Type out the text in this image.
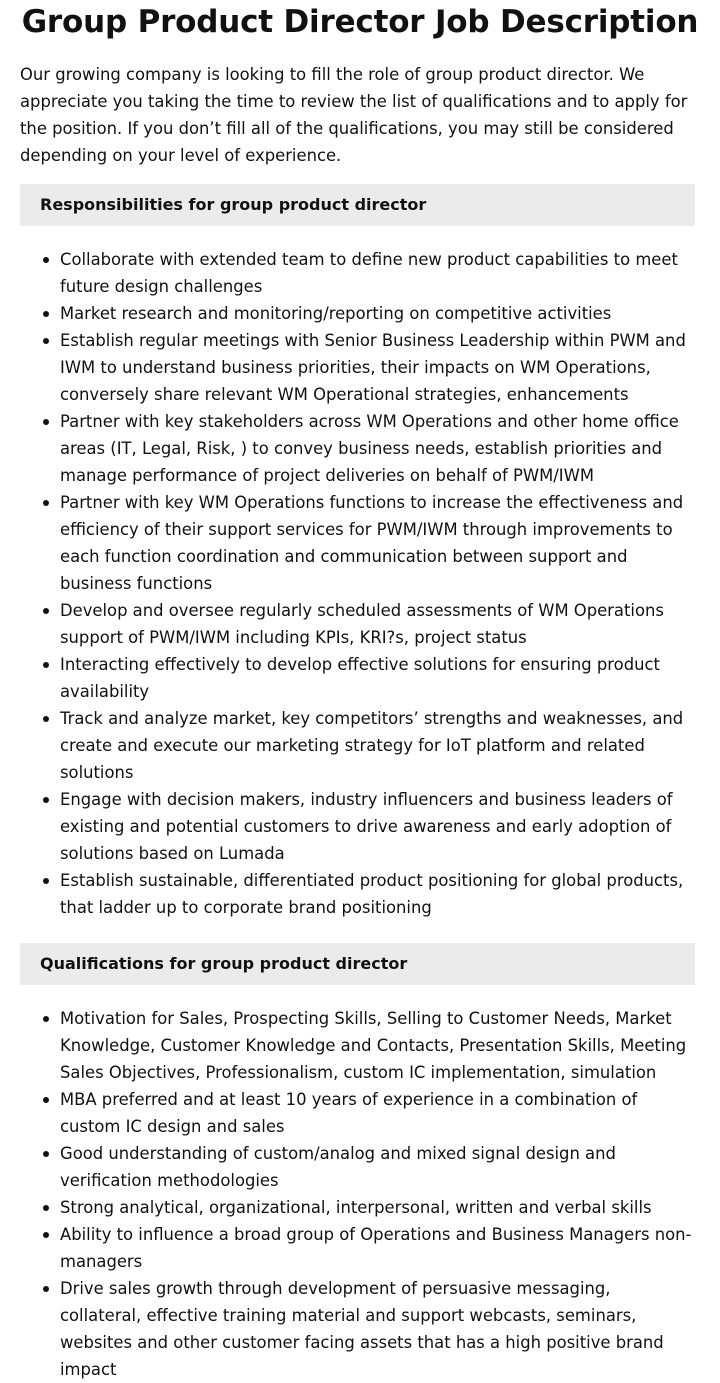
Group Product Director Job Description

Our growing company is looking to fill the role of group product director. We appreciate you taking the time to review the list of qualifications and to apply for the position. If you don’t fill all of the qualifications, you may still be considered depending on your level of experience.

Responsibilities for group product director
Collaborate with extended team to define new product capabilities to meet future design challenges
Market research and monitoring/reporting on competitive activities
Establish regular meetings with Senior Business Leadership within PWM and IWM to understand business priorities, their impacts on WM Operations, conversely share relevant WM Operational strategies, enhancements
Partner with key stakeholders across WM Operations and other home office areas (IT, Legal, Risk, ) to convey business needs, establish priorities and manage performance of project deliveries on behalf of PWM/IWM
Partner with key WM Operations functions to increase the effectiveness and efficiency of their support services for PWM/IWM through improvements to each function coordination and communication between support and business functions
Develop and oversee regularly scheduled assessments of WM Operations support of PWM/IWM including KPIs, KRI?s, project status
Interacting effectively to develop effective solutions for ensuring product availability
Track and analyze market, key competitors’ strengths and weaknesses, and create and execute our marketing strategy for IoT platform and related solutions
Engage with decision makers, industry influencers and business leaders of existing and potential customers to drive awareness and early adoption of solutions based on Lumada
Establish sustainable, differentiated product positioning for global products, that ladder up to corporate brand positioning
Qualifications for group product director
Motivation for Sales, Prospecting Skills, Selling to Customer Needs, Market Knowledge, Customer Knowledge and Contacts, Presentation Skills, Meeting Sales Objectives, Professionalism, custom IC implementation, simulation
MBA preferred and at least 10 years of experience in a combination of custom IC design and sales
Good understanding of custom/analog and mixed signal design and verification methodologies
Strong analytical, organizational, interpersonal, written and verbal skills
Ability to influence a broad group of Operations and Business Managers non-managers
Drive sales growth through development of persuasive messaging, collateral, effective training material and support webcasts, seminars, websites and other customer facing assets that has a high positive brand impact
